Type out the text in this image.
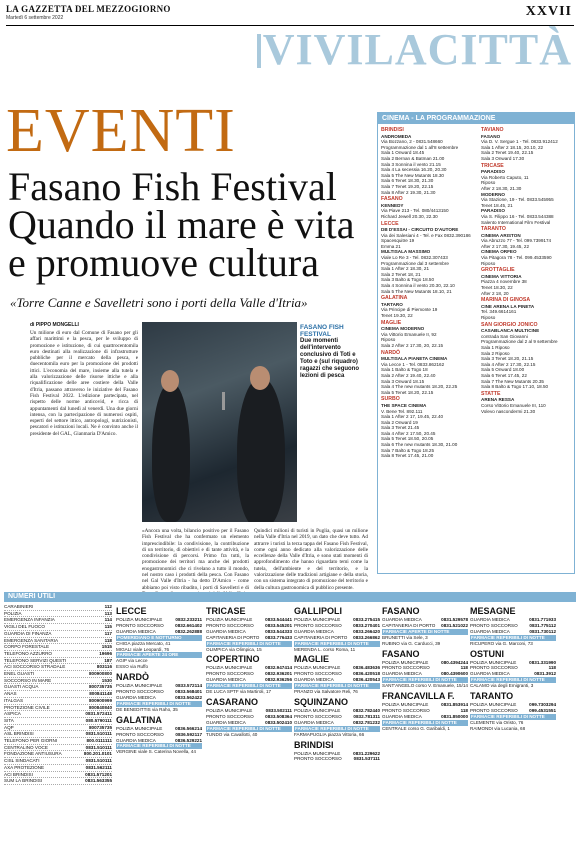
LA GAZZETTA DEL MEZZOGIORNO
Martedì 6 settembre 2022	XXVII
VIVILACITTÀ
EVENTI
Fasano Fish Festival Quando il mare è vita e promuove cultura
«Torre Canne e Savelletri sono i porti della Valle d'Itria»
di PIPPO MONGELLI
Un milione di euro dal Comune di Fasano per gli affari marittimi e la pesca, per le sviluppo di promozione e istituzione, di cui quattrocentomila euro destinati alla realizzazione di infrastrutture pubbliche per il mercato della pesca, e duecentomila euro per la promozione dei prodotti ittici. L'economia del mare, insieme alla tutela e alla valorizzazione delle risorse ittiche e alla riqualificazione delle aree costiere della Valle d'Itria, passano attraverso le iniziative del Fasano Fish Festival 2022. L'edizione partecipata, nel rispetto delle norme anticovid, e ricca di appuntamenti dal lunedì al venerdì. Una due giorni intensa, con la partecipazione di numerosi ospiti, esperti del settore ittico, antropologi, nutrizionisti, pescatori e istituzioni locali. Ne è convinto anche il presidente del GAL, Gianmaria D'Amico.
FASANO FISH FESTIVAL
Due momenti dell'intervento conclusivo di Toti e Toto e (sul riquadro) ragazzi che seguono lezioni di pesca
«Ancora una volta, bilancio positivo per il Fasano Fish Festival che ha confermato un elemento imprescindibile: la condivisione, la contribuzione di un territorio, di obiettivi e di tante attività, e la condivisione di percorsi. Primo fra tutti, la promozione dei territori ma anche dei prodotti enogastronomici che ci rivelano a tutto il mondo, nel nostro caso i prodotti della pesca. Con Fasano nel Gal Valle d'Itria - ha detto D'Amico - come abbiamo poi visto ribadito, i porti di Savelletri e di
Quindici milioni di turisti in Puglia, quasi un milione nella Valle d'Itria nel 2019, un dato che deve tutto. Ad attrarre i turisti la terza tappa del Fasano Fish Festival, come ogni anno dedicato alla valorizzazione delle eccellenze della Valle d'Itria, e sono stati momenti di approfondimento che hanno riguardato temi come la tutela, dell'ambiente e del territorio, e la valorizzazione delle tradizioni artigiane e della storia, con un sistema integrato di promozione del territorio e della cultura gastronomica di pubblico presente.
CINEMA - LA PROGRAMMAZIONE
BRINDISI
ANDROMEDA
Via Bozzano, 2 - 0831.548660
Programmazione dal 1 all'8 settembre
Sala 1 Onward 18.45
Sala 2 Bernan & Batman 21.00
Sala 3 Sonnina il vento 21.15
Sala 4 La secessia 16.20, 20.30
Sala 5 The New Mutants 18.30
Sala 6 Tenet 18.30, 21.30
Sala 7 Tenet 19.20, 22.15
Sala 8 After 2 19.30, 21.30
FASANO
KENNEDY
Via Piave 213 - Tel. 080/4413150
Richard Jewell 20.30, 22.30
LECCE
DB D'ESSAI - CIRCUITO D'AUTORE
Via dei Salesiani 4 - Tel. e Fax 0832.390186
Spacesquitre 19
Emma 21
MULTISALA MASSIMO
Viale Lo Re 3 - Tel. 0832.307433
Programmazione dal 3 settembre
Sala 1 After 2 18.30, 21
Sala 2 Tenet 18, 21
Sala 3 Balto & Togo 18.50
Sala 4 Sonnina il vento 20.30, 22.10
Sala 5 The New Mutants 18.10, 21
GALATINA
TARTARO
Via Principe di Piemonte 19
Tenet 19.30, 22
MAGLIE
CINEMA MODERNO
Via Vittorio Emanuele II, 92
Riposo
Sala 2 After 2 17.30, 20, 22.15
NARDÒ
MULTISALA PIANETA CINEMA
Via Lecce 1 - Tel. 0833.862162
Sala 1 Balto & Togo 18
Sala 2 After 2 19.40, 22.40
Sala 3 Onward 18.15
Sala 4 The new mutants 18.20, 22.25
Sala 5 Tenet 18.20, 22.15
SURBO
THE SPACE CINEMA
V. Bene Tel. 892.111
Sala 1 After 2 17, 19.45, 22.40
Sala 2 Onward 19
Sala 3 Tenet 21.45
Sala 4 After 2 17.50, 20.45
Sala 5 Tenet 18.50, 20.05
Sala 6 The new mutants 18.30, 21.00
Sala 7 Balto & Togo 18.25
Sala 8 Tenet 17.45, 21.00
TAVIANO
FASANO
Via D. V. Sergue 1 - Tel. 0833.912412
Sala 1 After 2 18.15, 20.10, 22
Sala 2 Tenet 19.40, 22.15
Sala 3 Onward 17.30
TRICASE
PARADISO
Via Roberto Caputo, 11
Riposo
After 2 18.30, 21.30
MODERNO
Via Stazione, 19 - Tel. 0833.545955
Tenet 18.45, 21
PARADISO
Via S. Filippo 16 - Tel. 0833.544388
Salento International Film Festival
TARANTO
CINEMA ARISTON
Via Abruzzo 77 - Tel. 099.7399174
After 2 17.30, 19.45, 22
CINEMA ORFEO
Via Pitagora 78 - Tel. 099.4533590
Riposo
GROTTAGLIE
CINEMA VITTORIA
Piazza 4 novembre 38
Tenet 18.30, 22
After 2 18, 20
MARINA DI GINOSA
CINE ARENA LA PINETA
Tel. 349.6614161
Riposo
SAN GIORGIO JONICO
CASABLANCA MULTICINE
contrada San Giovanni
Programmazione dal 2 al 9 settembre
Sala 1 Riposo
Sala 2 Riposo
Sala 3 Tenet 18.20, 21.15
Sala 4 After 2 17.30, 22.15
Sala 5 Onward 18.00
Sala 6 Tenet 17.45, 22
Sala 7 The New Mutants 20.35
Sala 8 Balto & Togo 17.10, 18.50
STATTE
ARENA RESSA
Corso Vittorio Emanuele III, 110
Volevo nascondermi 21.30
NUMERI UTILI
CARABINIERI	112
POLIZIA	113
EMERGENZA INFANZIA	114
VIGILI DEL FUOCO	115
GUARDIA DI FINANZA	117
EMERGENZA SANITARIA	118
CORPO FORESTALE	1515
TELEFONO AZZURRO	19696
TELEFONO SERVIZI QUESTI	187
ACI SOCCORSO STRADALE	803116
ENEL GUASTI	800900800
SOCCORSO IN MARE	1530
GUASTI ACQUA	800735735
ANAS	800841148
ITALGAS	800900999
PROTEZIONE CIVILE	800840840
ASPICA	0831.572411
SITA	080.5790111
AQP	800735735
ASL BRINDISI	0831.510111
TELEFONO PER GIORNI	800.0111111
CENTRALINO VOCE	0831.510111
FONDAZIONE ANTIUSURA	800.201.0101
CISL SINDACATI	0831.510111
AXA PROTEZIONE	0831.562111
ACI BRINDISI	0831.571201
SUM LA BRINDISI	0831.563355
LECCE
POLIZIA MUNICIPALE	0832.233211
PRONTO SOCCORSO	0832.661402
GUARDIA MEDICA	0832.262888
POMERIDIANO E NOTTURNO
CHIGA piazza Mercato, 41
MIGALI viale Leopardi, 76
FARMACIE APERTE 24 ORE
AGIP via Lecce
ESSO via Ruffo
NARDÒ
POLIZIA MUNICIPALE	0833.572114
PRONTO SOCCORSO	0833.568401
GUARDIA MEDICA	0833.562422
FARMACIE REPERIBILI DI NOTTE
DE BENEDITTIS via Raho, 35
GALATINA
POLIZIA MUNICIPALE	0836.566214
PRONTO SOCCORSO	0836.592117
GUARDIA MEDICA	0836.529221
FARMACIE REPERIBILI DI NOTTE
VERGINE viale S. Caterina Novella, 44
TRICASE
POLIZIA MUNICIPALE	0833.544441
PRONTO SOCCORSO	0833.545201
GUARDIA MEDICA	0833.544333
CAPITANERIA DI PORTO 0833.776433
FARMACIE REPERIBILI DI NOTTE
OLIMPICA via Olimpica, 15
COPERTINO
POLIZIA MUNICIPALE	0832.947414
PRONTO SOCCORSO	0832.936201
GUARDIA MEDICA	0832.936256
FARMACIE REPERIBILI DI NOTTE
DE LUCA SPTF via Martiroli, 17
CASARANO
POLIZIA MUNICIPALE	0833.502111
PRONTO SOCCORSO	0833.508364
GUARDIA MEDICA	0833.502410
FARMACIE REPERIBILI DI NOTTE
TUNDO via Cavallotti, 40
GALLIPOLI
POLIZIA MUNICIPALE	0833.275415
PRONTO SOCCORSO	0833.270401
GUARDIA MEDICA	0833.266420
CAPITANERIA DI PORTO 0833.266862
FARMACIE REPERIBILI DI NOTTE
MERENDA L. corso Roma, 11
MAGLIE
POLIZIA MUNICIPALE	0836.483636
PRONTO SOCCORSO	0836.420518
GUARDIA MEDICA	0836.420543
FARMACIE REPERIBILI DI NOTTE
PRANZO via Salvatore Reli, 76
SQUINZANO
POLIZIA MUNICIPALE	0832.782440
PRONTO SOCCORSO	0832.781311
GUARDIA MEDICA	0832.781232
FARMACIE REPERIBILI DI NOTTE
FARMAPUGLIA piazza Vittoria, 66
BRINDISI
POLIZIA MUNICIPALE	0831.229622
PRONTO SOCCORSO	0831.537111
FASANO
GUARDIA MEDICA	0831.529578
CAPITANERIA DI PORTO 0831.521022
FARMACIE APERTE DI NOTTE
BRUNETTI via Sele, 3
RUBINO via G. Carducci, 39
FASANO
POLIZIA MUNICIPALE	080.4394244
PRONTO SOCCORSO	118
GUARDIA MEDICA	080.4390600
FARMACIE REPERIBILI DI NOTTE
SANT'ANGELO corso V. Emanuele, 15/14
FRANCAVILLA F.
POLIZIA MUNICIPALE	0831.853914
PRONTO SOCCORSO	118
GUARDIA MEDICA	0831.850000
FARMACIE REPERIBILI DI NOTTE
CENTRALE corso G. Garibaldi, 1
MESAGNE
GUARDIA MEDICA	0831.771933
PRONTO SOCCORSO	0831.775112
GUARDIA MEDICA	0831.730112
FARMACIE REPERIBILI DI NOTTE
RICUPERO via G. Marconi, 73
OSTUNI
POLIZIA MUNICIPALE	0831.331990
PRONTO SOCCORSO	118
GUARDIA MEDICA	0831.3912
FARMACIE REPERIBILI DI NOTTE
CALAMO via degli Emigranti, 3
TARANTO
POLIZIA MUNICIPALE	099.7303294
PRONTO SOCCORSO	099.4531551
FARMACIE REPERIBILI DI NOTTE
CLEMENTE via Oristo, 76
RAIMONDI via Lucania, 68
